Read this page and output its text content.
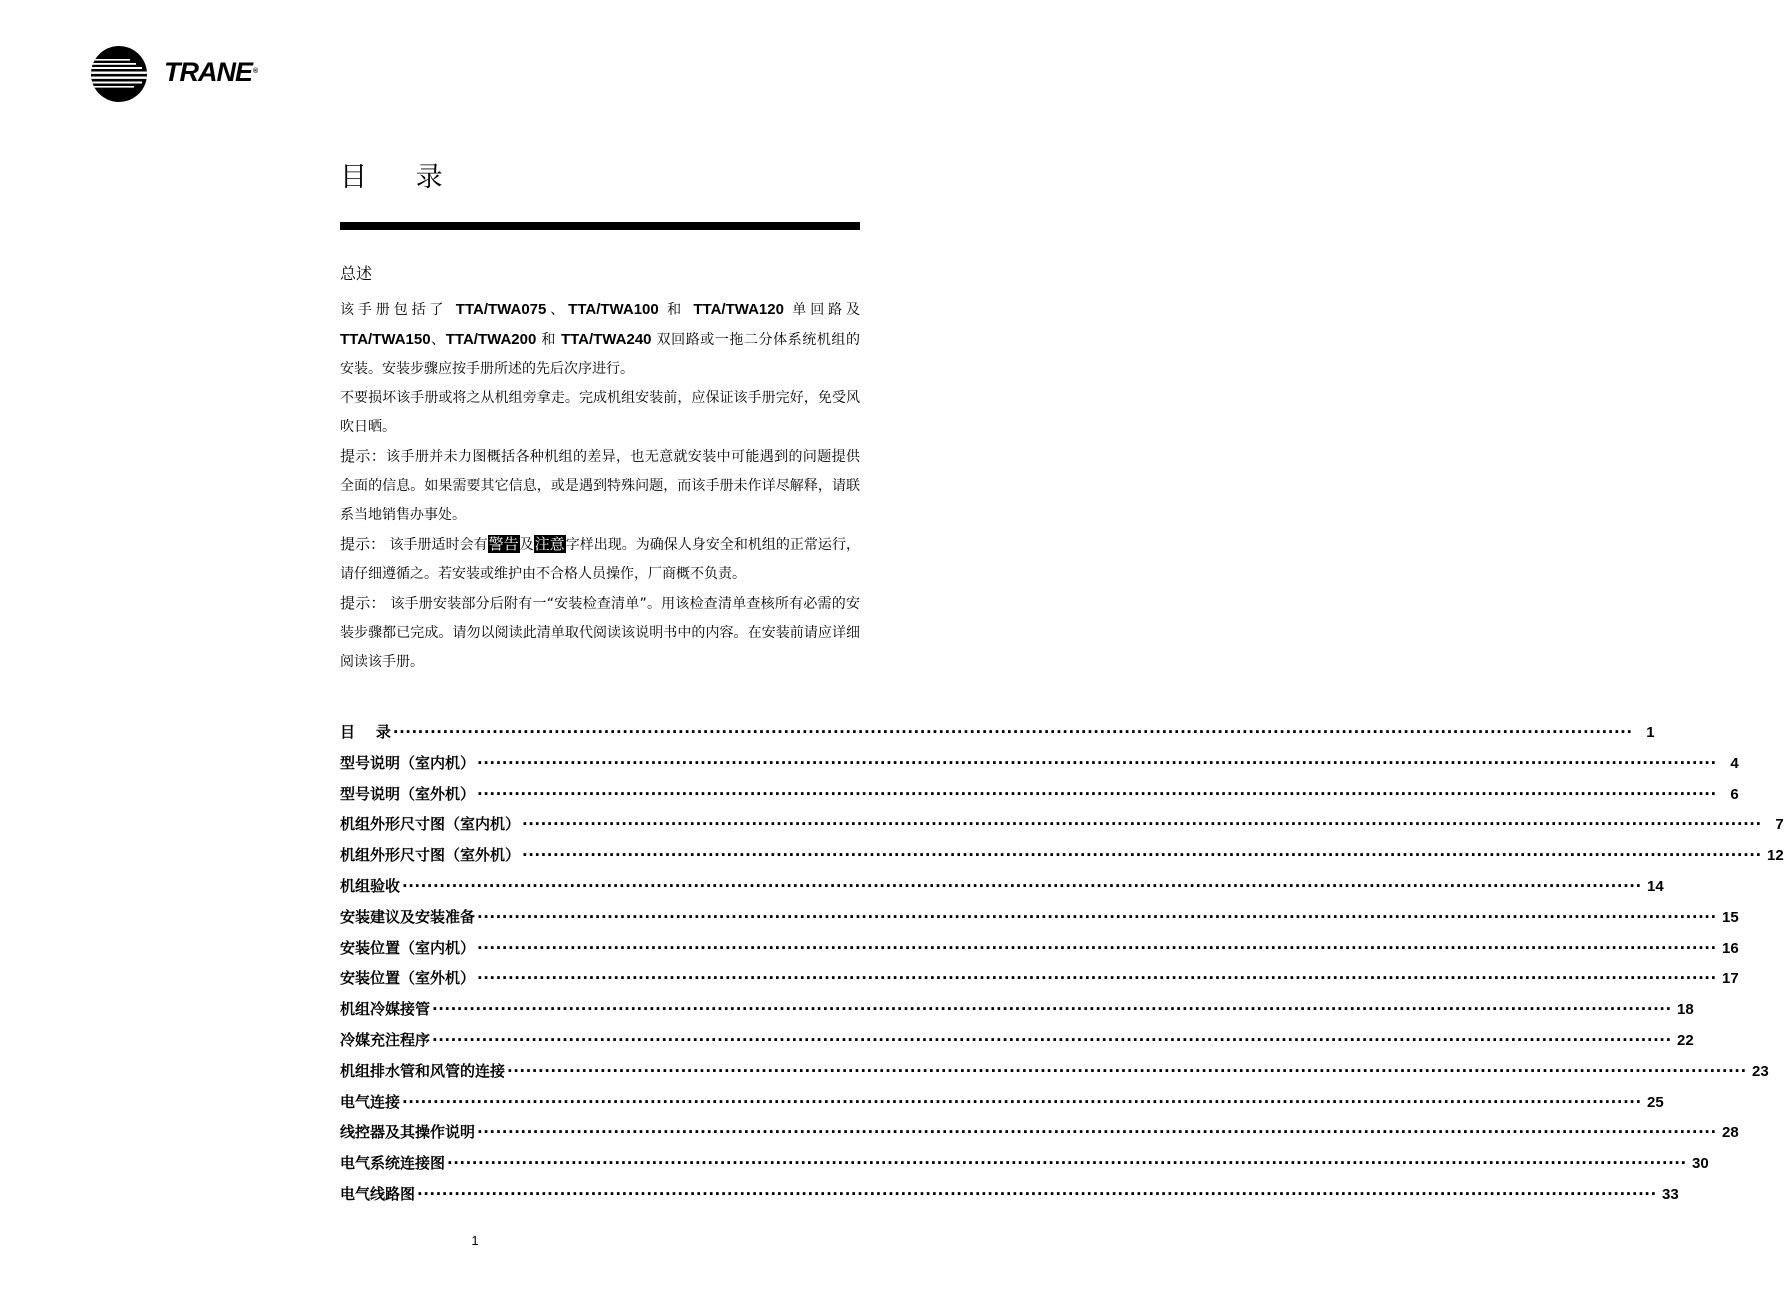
TRANE®
目 录
总述

该手册包括了 TTA/TWA075、TTA/TWA100 和 TTA/TWA120 单回路及 TTA/TWA150、TTA/TWA200 和 TTA/TWA240 双回路或一拖二分体系统机组的安装。安装步骤应按手册所述的先后次序进行。

不要损坏该手册或将之从机组旁拿走。完成机组安装前，应保证该手册完好，免受风吹日晒。

提示：该手册并未力图概括各种机组的差异，也无意就安装中可能遇到的问题提供全面的信息。如果需要其它信息，或是遇到特殊问题，而该手册未作详尽解释，请联系当地销售办事处。

提示： 该手册适时会有警告及注意字样出现。为确保人身安全和机组的正常运行，请仔细遵循之。若安装或维护由不合格人员操作，厂商概不负责。

提示： 该手册安装部分后附有一“安装检查清单”。用该检查清单查核所有必需的安装步骤都已完成。请勿以阅读此清单取代阅读该说明书中的内容。在安装前请应详细阅读该手册。

目    录 ········································································································································································································ 1
型号说明（室内机） ········································································································································································································ 4
型号说明（室外机） ········································································································································································································ 6
机组外形尺寸图（室内机） ········································································································································································································ 7
机组外形尺寸图（室外机） ········································································································································································································ 12
机组验收 ········································································································································································································ 14
安装建议及安装准备 ········································································································································································································ 15
安装位置（室内机） ········································································································································································································ 16
安装位置（室外机） ········································································································································································································ 17
机组冷媒接管 ········································································································································································································ 18
冷媒充注程序 ········································································································································································································ 22
机组排水管和风管的连接 ········································································································································································································ 23
电气连接 ········································································································································································································ 25
线控器及其操作说明 ········································································································································································································ 28
电气系统连接图 ········································································································································································································ 30
电气线路图 ········································································································································································································ 33
1
